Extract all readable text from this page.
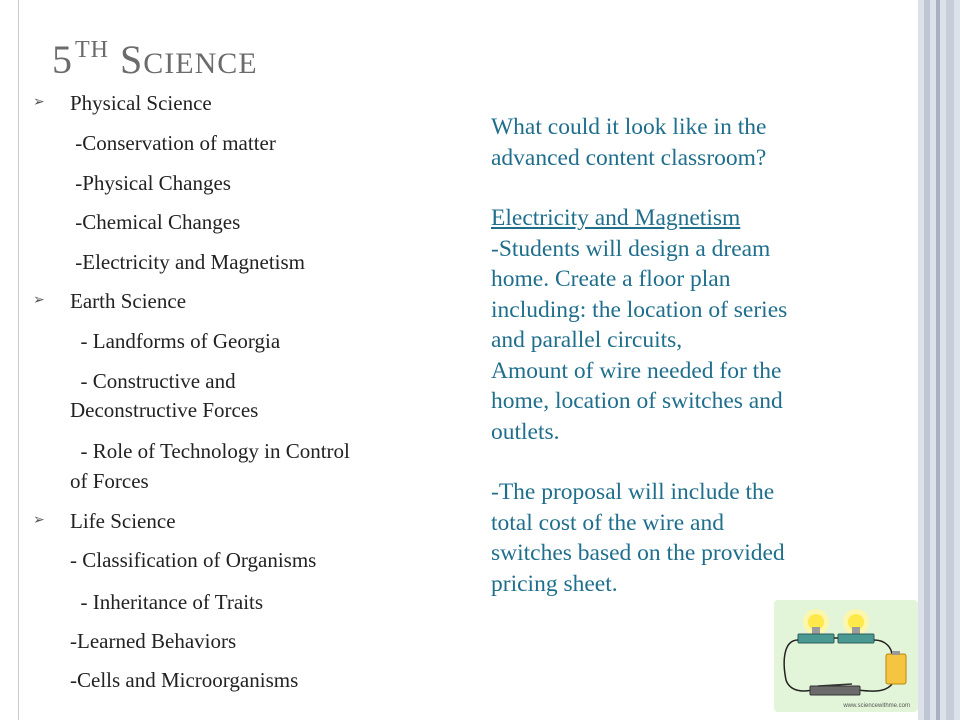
5TH SCIENCE
➢ Physical Science
-Conservation of matter
-Physical Changes
-Chemical Changes
-Electricity and Magnetism
➢ Earth Science
- Landforms of Georgia
- Constructive and
Deconstructive Forces
- Role of Technology in Control
of Forces
➢ Life Science
- Classification of Organisms
- Inheritance of Traits
-Learned Behaviors
-Cells and Microorganisms

What could it look like in the

advanced content classroom?

Electricity and Magnetism

-Students will design a dream

home. Create a floor plan

including: the location of series

and parallel circuits,

Amount of wire needed for the

home, location of switches and

outlets.

-The proposal will include the

total cost of the wire and

switches based on the provided

pricing sheet.

www.sciencewithme.com
